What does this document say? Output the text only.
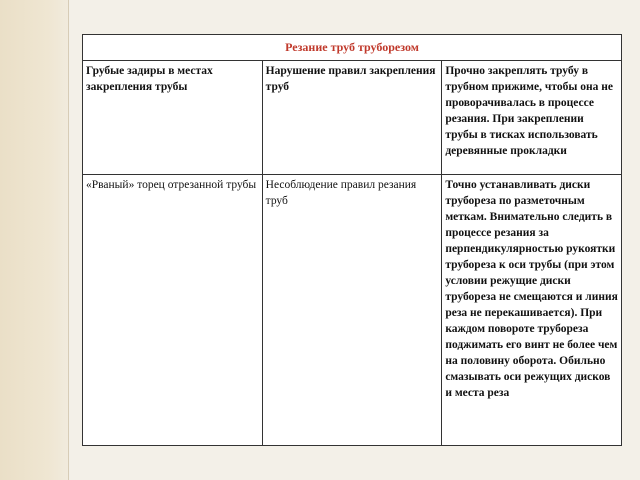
Резание труб труборезом		
Грубые задиры в местах закрепления трубы	Нарушение правил закрепления труб	Прочно закреплять трубу в трубном прижиме, чтобы она не проворачивалась в процессе резания. При закреплении трубы в тисках использовать деревянные прокладки
«Рваный» торец отрезанной трубы	Несоблюдение правил резания труб	Точно устанавливать диски трубореза по разметочным меткам. Внимательно следить в процессе резания за перпендикулярностью рукоятки трубореза к оси трубы (при этом условии режущие диски трубореза не смещаются и линия реза не перекашивается). При каждом повороте трубореза поджимать его винт не более чем на половину оборота. Обильно смазывать оси режущих дисков и места реза
